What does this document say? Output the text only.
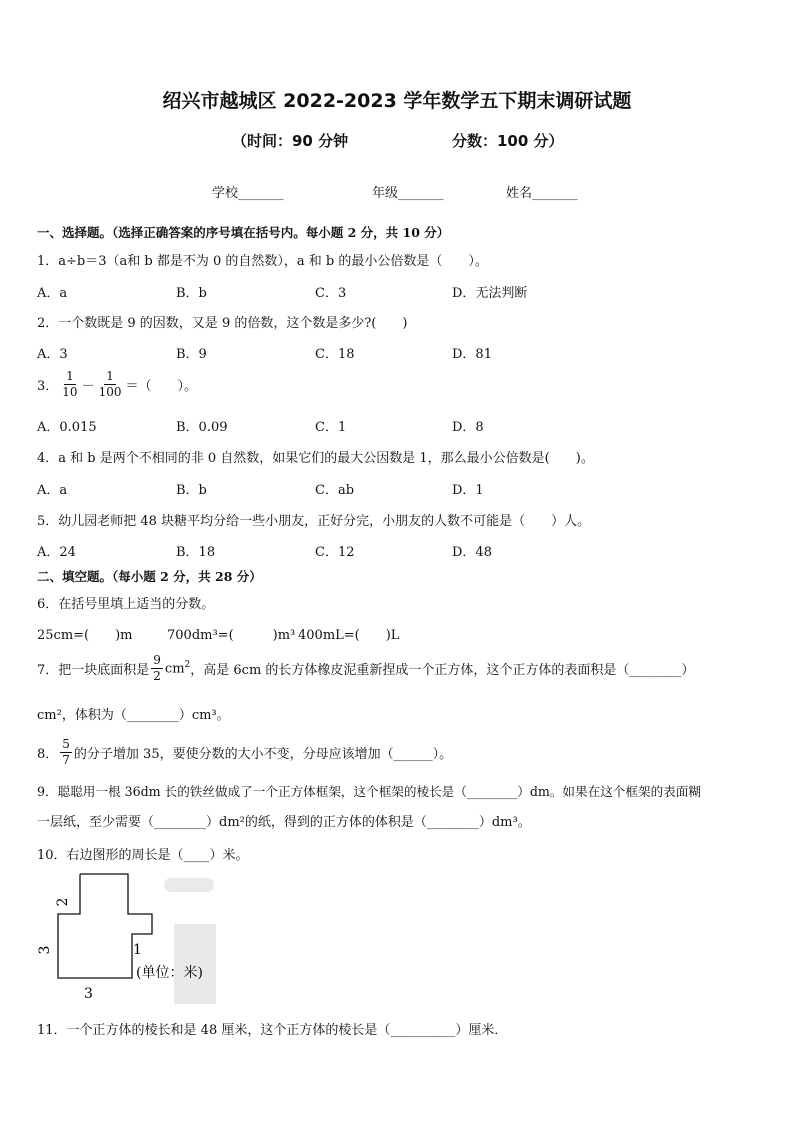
绍兴市越城区 2022-2023 学年数学五下期末调研试题
（时间：90 分钟	分数：100 分）
学校_______	年级_______	姓名_______
一、选择题。（选择正确答案的序号填在括号内。每小题 2 分，共 10 分）
1．a÷b＝3（a和 b 都是不为 0 的自然数），a 和 b 的最小公倍数是（　　）。
A．a	B．b	C．3	D．无法判断
2．一个数既是 9 的因数，又是 9 的倍数，这个数是多少?(　　)
A．3	B．9	C．18	D．81
3． $\frac{1}{10} - \frac{1}{100}$ ＝（　　）。
A．0.015	B．0.09	C．1	D．8
4．a 和 b 是两个不相同的非 0 自然数，如果它们的最大公因数是 1，那么最小公倍数是(　　)。
A．a	B．b	C．ab	D．1
5．幼儿园老师把 48 块糖平均分给一些小朋友，正好分完，小朋友的人数不可能是（　　）人。
A．24	B．18	C．12	D．48
二、填空题。（每小题 2 分，共 28 分）
6．在括号里填上适当的分数。
25cm=(　　)m	700dm³=(　　　)m³ 400mL=(　　)L
7．把一块底面积是 $\frac{9}{2} cm^2$，高是 6cm 的长方体橡皮泥重新捏成一个正方体，这个正方体的表面积是（________）
cm²，体积为（________）cm³。
8． $\frac{5}{7}$ 的分子增加 35，要使分数的大小不变，分母应该增加（______）。
9．聪聪用一根 36dm 长的铁丝做成了一个正方体框架，这个框架的棱长是（________）dm。如果在这个框架的表面糊
一层纸，至少需要（________）dm²的纸，得到的正方体的体积是（________）dm³。
10．右边图形的周长是（____）米。
2
3	1
3
(单位：米)
11．一个正方体的棱长和是 48 厘米，这个正方体的棱长是（__________）厘米．
